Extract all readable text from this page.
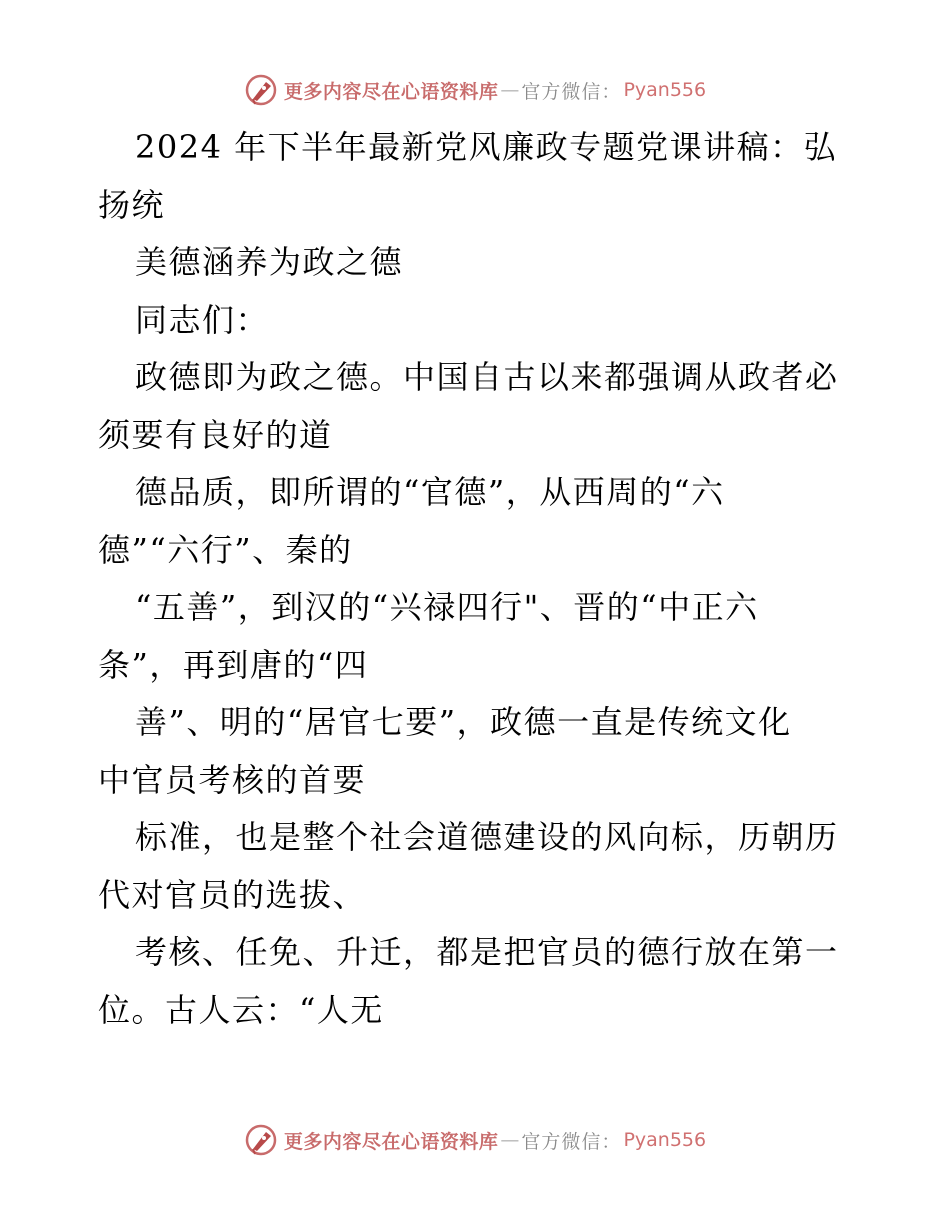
更多内容尽在心语资料库 — 官方微信： Pyan556
2024 年下半年最新党风廉政专题党课讲稿：弘
扬统
美德涵养为政之德
同志们：
政德即为政之德。中国自古以来都强调从政者必
须要有良好的道
德品质，即所谓的“官德”，从西周的“六
德”“六行”、秦的
“五善”，到汉的“兴禄四行"、晋的“中正六
条”，再到唐的“四
善”、明的“居官七要”，政德一直是传统文化
中官员考核的首要
标准，也是整个社会道德建设的风向标，历朝历
代对官员的选拔、
考核、任免、升迁，都是把官员的德行放在第一
位。古人云：“人无
更多内容尽在心语资料库 — 官方微信： Pyan556
